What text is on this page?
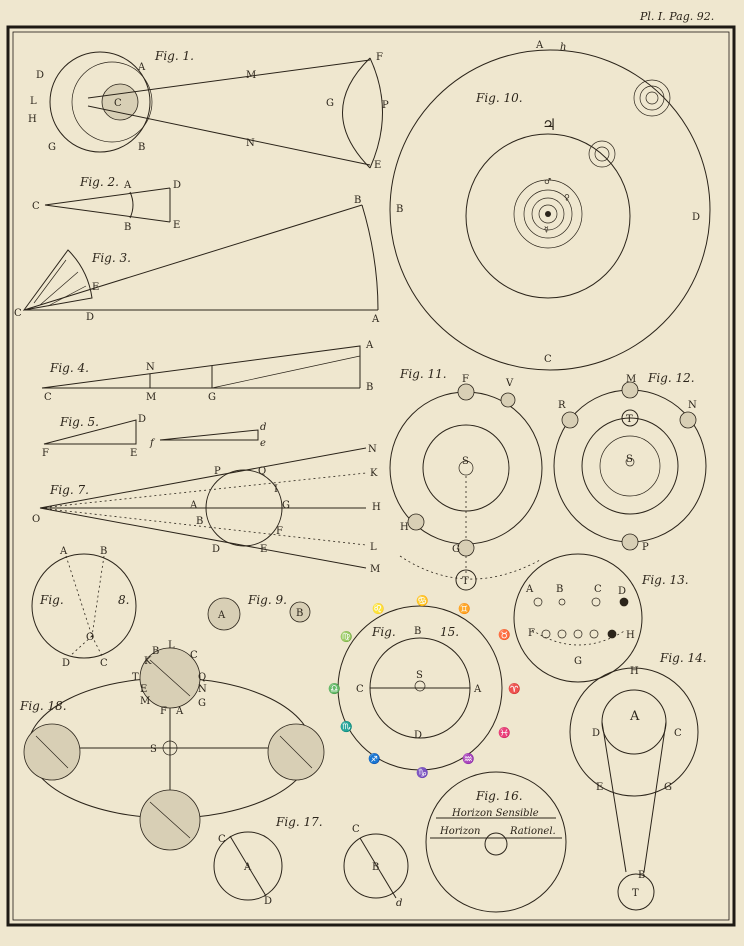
Pl. I. Pag. 92.
Fig. 1.
A
B
C
D
L
H
G
M
N
F
G	P
E
Fig. 2. A
B
C
D
E
Fig. 3.
B
E
C	D	A
Fig. 4.
A
N
C	M	G
B
Fig. 5.	D
F	E
f
d
e
Fig. 7.
N
P	Q	K
A	G	H
O	B
I
F
L
D	E
M
Fig.	8.
A	B
O
D	C
Fig. 9.
A	B
Fig. 10.
A h
B
D
C
♃
♂
♀
☿
Fig. 11. F	V
S
H
G
T
Fig. 12.
M
R	N
T
S
P
Fig. 13.
A B	C D
F	H
G	Fig. 14.
H
A
D	C
E	G
B
T
Fig.	15.
B
S
C	A
D
♉
♊
♋
♌
♍
♎
♏
♐
♑
♒
♓
♈
Fig. 16.
Horizon Sensible
Horizon	Rationel.
Fig. 17.
C
A
D
C
B
d
Fig. 18.
L
C
K
B
Q
N
E
T
M	G
F A
S
